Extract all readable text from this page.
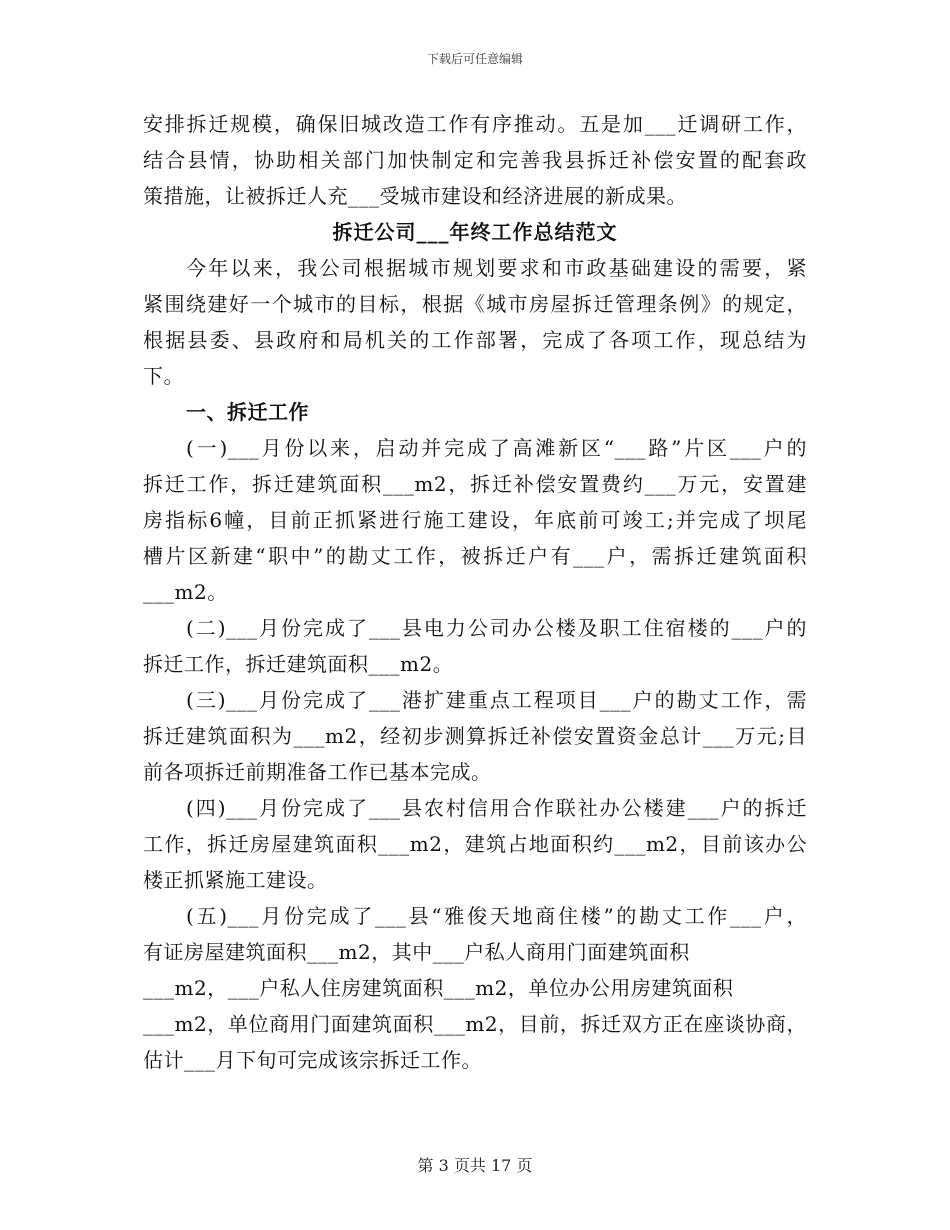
下载后可任意编辑
安排拆迁规模，确保旧城改造工作有序推动。五是加___迁调研工作，
结合县情，协助相关部门加快制定和完善我县拆迁补偿安置的配套政
策措施，让被拆迁人充___受城市建设和经济进展的新成果。
拆迁公司___年终工作总结范文
今年以来，我公司根据城市规划要求和市政基础建设的需要，紧
紧围绕建好一个城市的目标，根据《城市房屋拆迁管理条例》的规定，
根据县委、县政府和局机关的工作部署，完成了各项工作，现总结为
下。
一、拆迁工作
(一)___月份以来，启动并完成了高滩新区“___路”片区___户的
拆迁工作，拆迁建筑面积___m2，拆迁补偿安置费约___万元，安置建
房指标6幢，目前正抓紧进行施工建设，年底前可竣工;并完成了坝尾
槽片区新建“职中”的勘丈工作，被拆迁户有___户，需拆迁建筑面积
___m2。
(二)___月份完成了___县电力公司办公楼及职工住宿楼的___户的
拆迁工作，拆迁建筑面积___m2。
(三)___月份完成了___港扩建重点工程项目___户的勘丈工作，需
拆迁建筑面积为___m2，经初步测算拆迁补偿安置资金总计___万元;目
前各项拆迁前期准备工作已基本完成。
(四)___月份完成了___县农村信用合作联社办公楼建___户的拆迁
工作，拆迁房屋建筑面积___m2，建筑占地面积约___m2，目前该办公
楼正抓紧施工建设。
(五)___月份完成了___县“雅俊天地商住楼”的勘丈工作___户，
有证房屋建筑面积___m2，其中___户私人商用门面建筑面积
___m2，___户私人住房建筑面积___m2，单位办公用房建筑面积
___m2，单位商用门面建筑面积___m2，目前，拆迁双方正在座谈协商，
估计___月下旬可完成该宗拆迁工作。
第 3 页共 17 页
